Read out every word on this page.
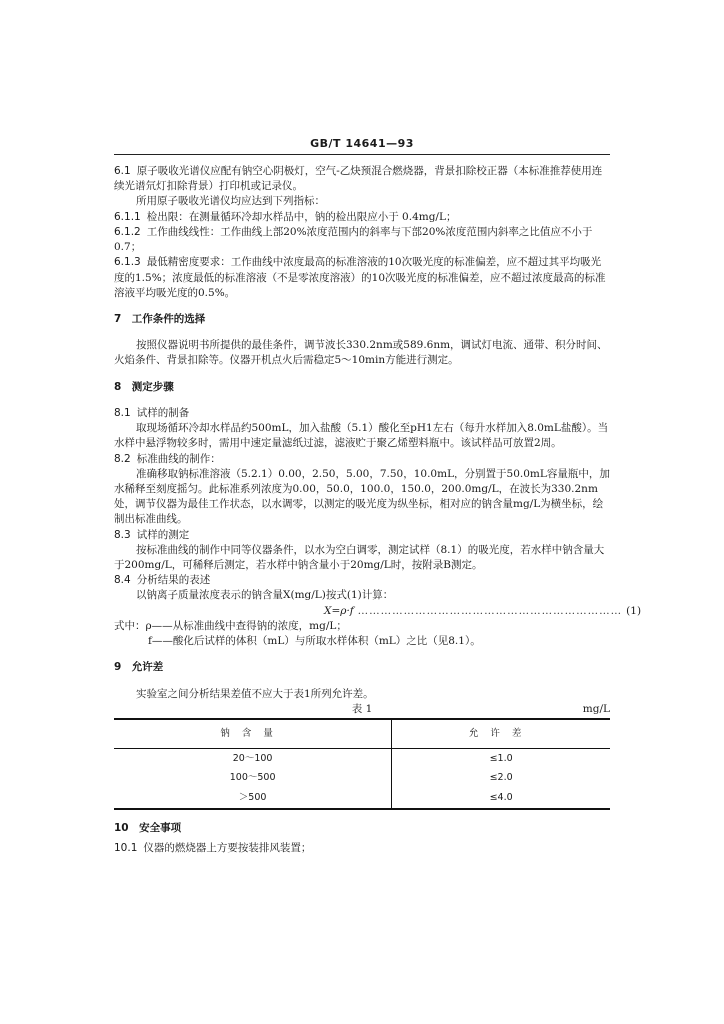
GB/T 14641—93

6.1 原子吸收光谱仪应配有钠空心阴极灯，空气-乙炔预混合燃烧器，背景扣除校正器（本标准推荐使用连续光谱氘灯扣除背景）打印机或记录仪。

所用原子吸收光谱仪均应达到下列指标：

6.1.1 检出限：在测量循环冷却水样品中，钠的检出限应小于 0.4mg/L；

6.1.2 工作曲线线性：工作曲线上部20%浓度范围内的斜率与下部20%浓度范围内斜率之比值应不小于0.7；

6.1.3 最低精密度要求：工作曲线中浓度最高的标准溶液的10次吸光度的标准偏差，应不超过其平均吸光度的1.5%；浓度最低的标准溶液（不是零浓度溶液）的10次吸光度的标准偏差，应不超过浓度最高的标准溶液平均吸光度的0.5%。

7　工作条件的选择

按照仪器说明书所提供的最佳条件，调节波长330.2nm或589.6nm，调试灯电流、通带、积分时间、火焰条件、背景扣除等。仪器开机点火后需稳定5～10min方能进行测定。

8　测定步骤

8.1 试样的制备

取现场循环冷却水样品约500mL，加入盐酸（5.1）酸化至pH1左右（每升水样加入8.0mL盐酸）。当水样中悬浮物较多时，需用中速定量滤纸过滤，滤液贮于聚乙烯塑料瓶中。该试样品可放置2周。

8.2 标准曲线的制作：

准确移取钠标准溶液（5.2.1）0.00，2.50，5.00，7.50，10.0mL，分别置于50.0mL容量瓶中，加水稀释至刻度摇匀。此标准系列浓度为0.00，50.0，100.0，150.0，200.0mg/L，在波长为330.2nm处，调节仪器为最佳工作状态，以水调零，以测定的吸光度为纵坐标，相对应的钠含量mg/L为横坐标，绘制出标准曲线。

8.3 试样的测定

按标准曲线的制作中同等仪器条件，以水为空白调零，测定试样（8.1）的吸光度，若水样中钠含量大于200mg/L，可稀释后测定，若水样中钠含量小于20mg/L时，按附录B测定。

8.4 分析结果的表述

以钠离子质量浓度表示的钠含量X(mg/L)按式(1)计算：

X=ρ·f …………………………………………………………… (1)

式中：ρ——从标准曲线中查得钠的浓度，mg/L；

f——酸化后试样的体积（mL）与所取水样体积（mL）之比（见8.1）。

9　允许差

实验室之间分析结果差值不应大于表1所列允许差。

表 1	mg/L
钠含量	允许差
20～100	≤1.0
100～500	≤2.0
＞500	≤4.0

10　安全事项

10.1 仪器的燃烧器上方要按装排风装置；
